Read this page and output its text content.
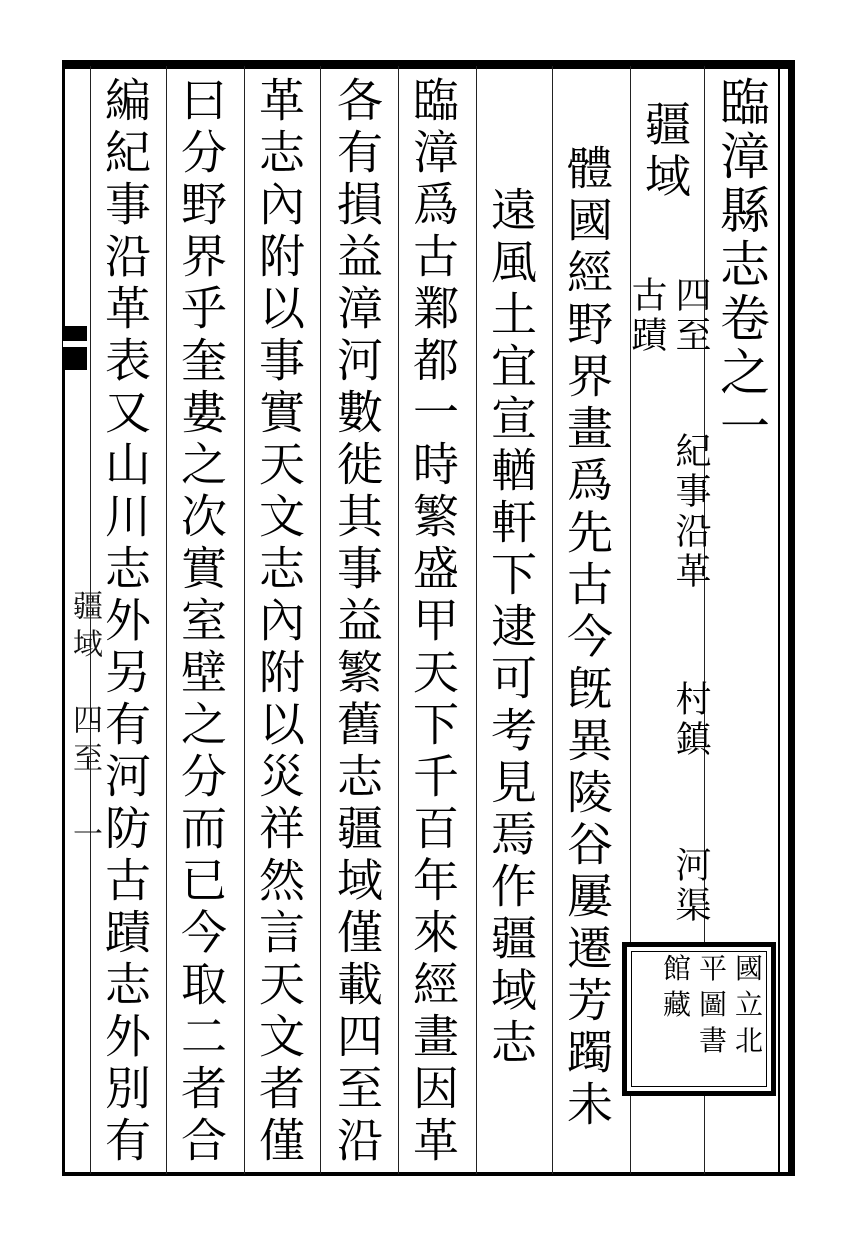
臨漳縣志卷之一
疆域
四至
古蹟
紀事沿革
村鎮
河渠
體國經野界畫爲先古今旣異陵谷屢遷芳躅未
遠風土宜宣輶軒下逮可考見焉作疆域志
臨漳爲古鄴都一時繁盛甲天下千百年來經畫因革
各有損益漳河數徙其事益繁舊志疆域僅載四至沿
革志內附以事實天文志內附以災祥然言天文者僅
曰分野界乎奎婁之次實室壁之分而已今取二者合
編紀事沿革表又山川志外另有河防古蹟志外別有
疆域　四至　一
國
立
北
平
圖
書
館
藏
